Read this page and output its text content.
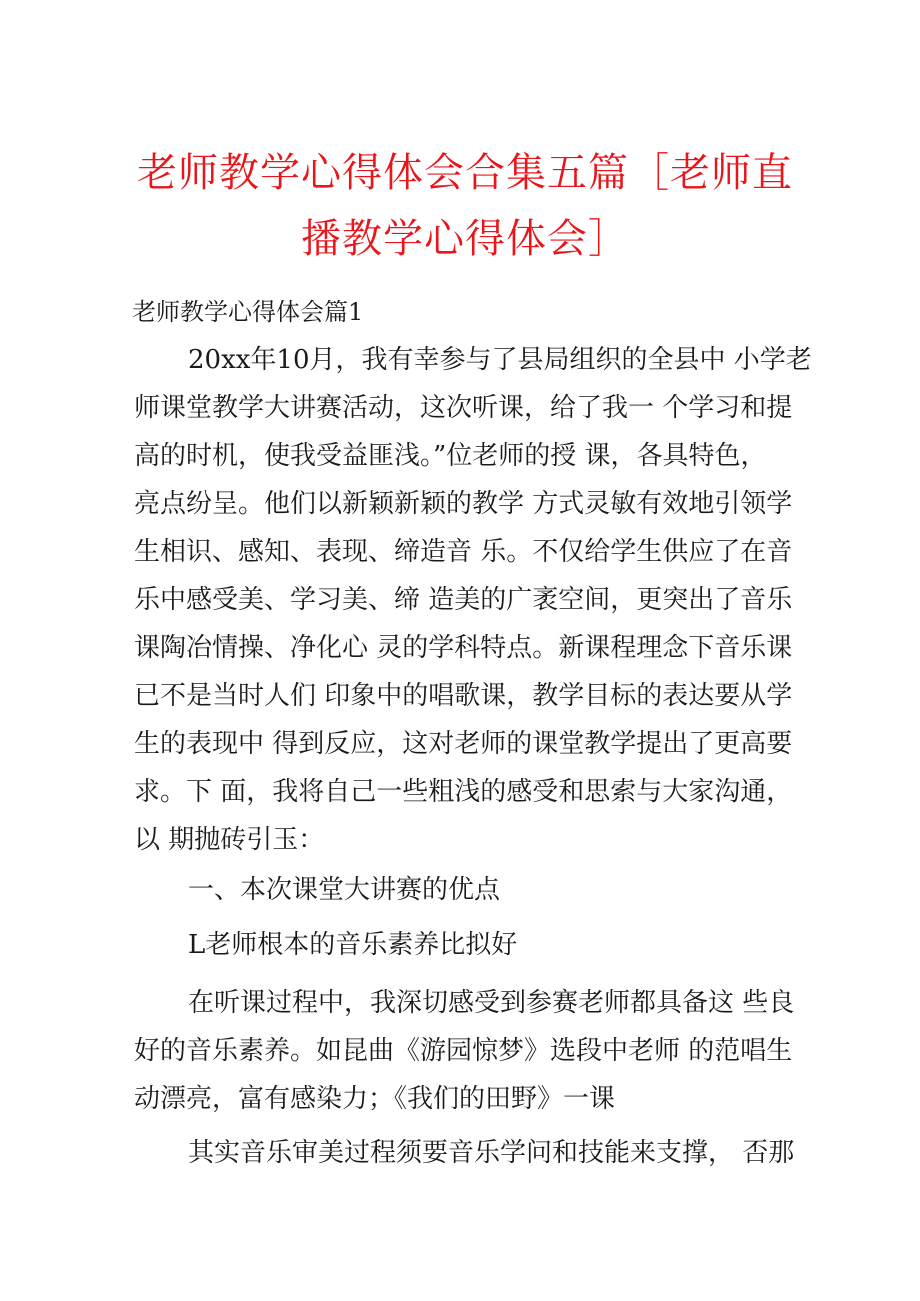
老师教学心得体会合集五篇［老师直
播教学心得体会］
老师教学心得体会篇1
20xx年10月，我有幸参与了县局组织的全县中 小学老
师课堂教学大讲赛活动，这次听课，给了我一 个学习和提
高的时机，使我受益匪浅。”位老师的授 课，各具特色，
亮点纷呈。他们以新颖新颖的教学 方式灵敏有效地引领学
生相识、感知、表现、缔造音 乐。不仅给学生供应了在音
乐中感受美、学习美、缔 造美的广袤空间，更突出了音乐
课陶冶情操、净化心 灵的学科特点。新课程理念下音乐课
已不是当时人们 印象中的唱歌课，教学目标的表达要从学
生的表现中 得到反应，这对老师的课堂教学提出了更高要
求。下 面，我将自己一些粗浅的感受和思索与大家沟通，
以 期抛砖引玉：
一、本次课堂大讲赛的优点
L老师根本的音乐素养比拟好
在听课过程中，我深切感受到参赛老师都具备这 些良
好的音乐素养。如昆曲《游园惊梦》选段中老师 的范唱生
动漂亮，富有感染力；《我们的田野》一课
其实音乐审美过程须要音乐学问和技能来支撑， 否那
